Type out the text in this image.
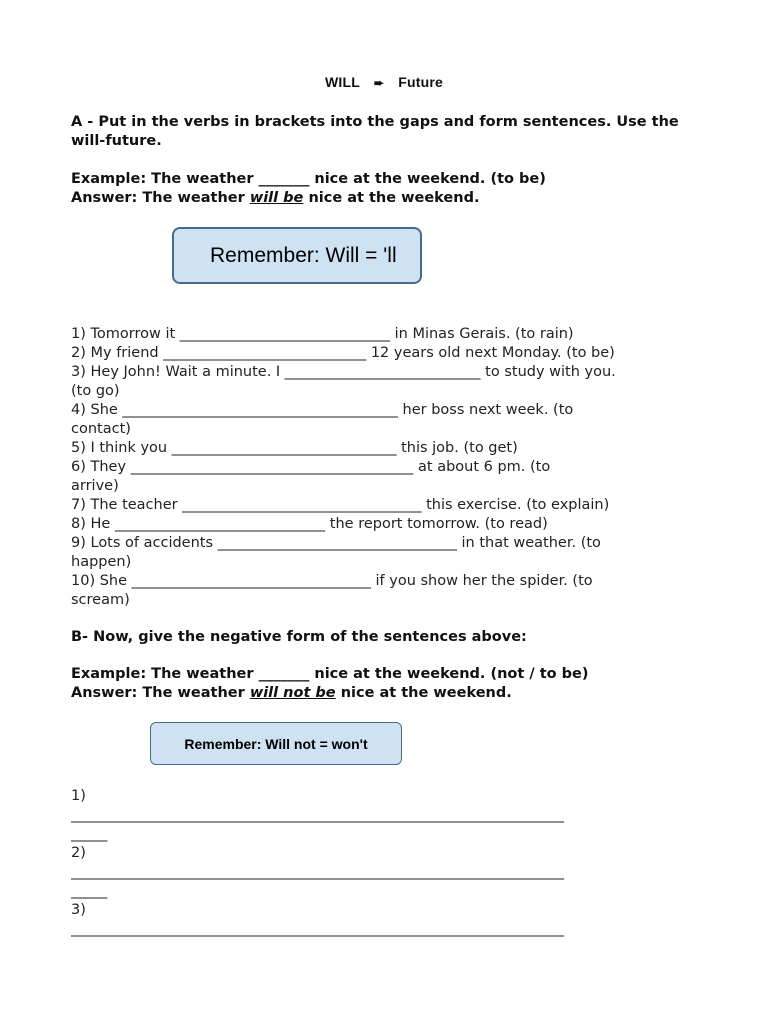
WILL ➨ Future
A - Put in the verbs in brackets into the gaps and form sentences. Use the
will-future.
Example: The weather _______ nice at the weekend. (to be)
Answer: The weather will be nice at the weekend.
Remember: Will = 'll
1) Tomorrow it _____________________________ in Minas Gerais. (to rain)
2) My friend ____________________________ 12 years old next Monday. (to be)
3) Hey John! Wait a minute. I ___________________________ to study with you.
(to go)
4) She ______________________________________ her boss next week. (to
contact)
5) I think you _______________________________ this job. (to get)
6) They _______________________________________ at about 6 pm. (to
arrive)
7) The teacher _________________________________ this exercise. (to explain)
8) He _____________________________ the report tomorrow. (to read)
9) Lots of accidents _________________________________ in that weather. (to
happen)
10) She _________________________________ if you show her the spider. (to
scream)
B- Now, give the negative form of the sentences above:
Example: The weather _______ nice at the weekend. (not / to be)
Answer: The weather will not be nice at the weekend.
Remember: Will not = won't
1)
____________________________________________________________________
_____
2)
____________________________________________________________________
_____
3)
____________________________________________________________________
